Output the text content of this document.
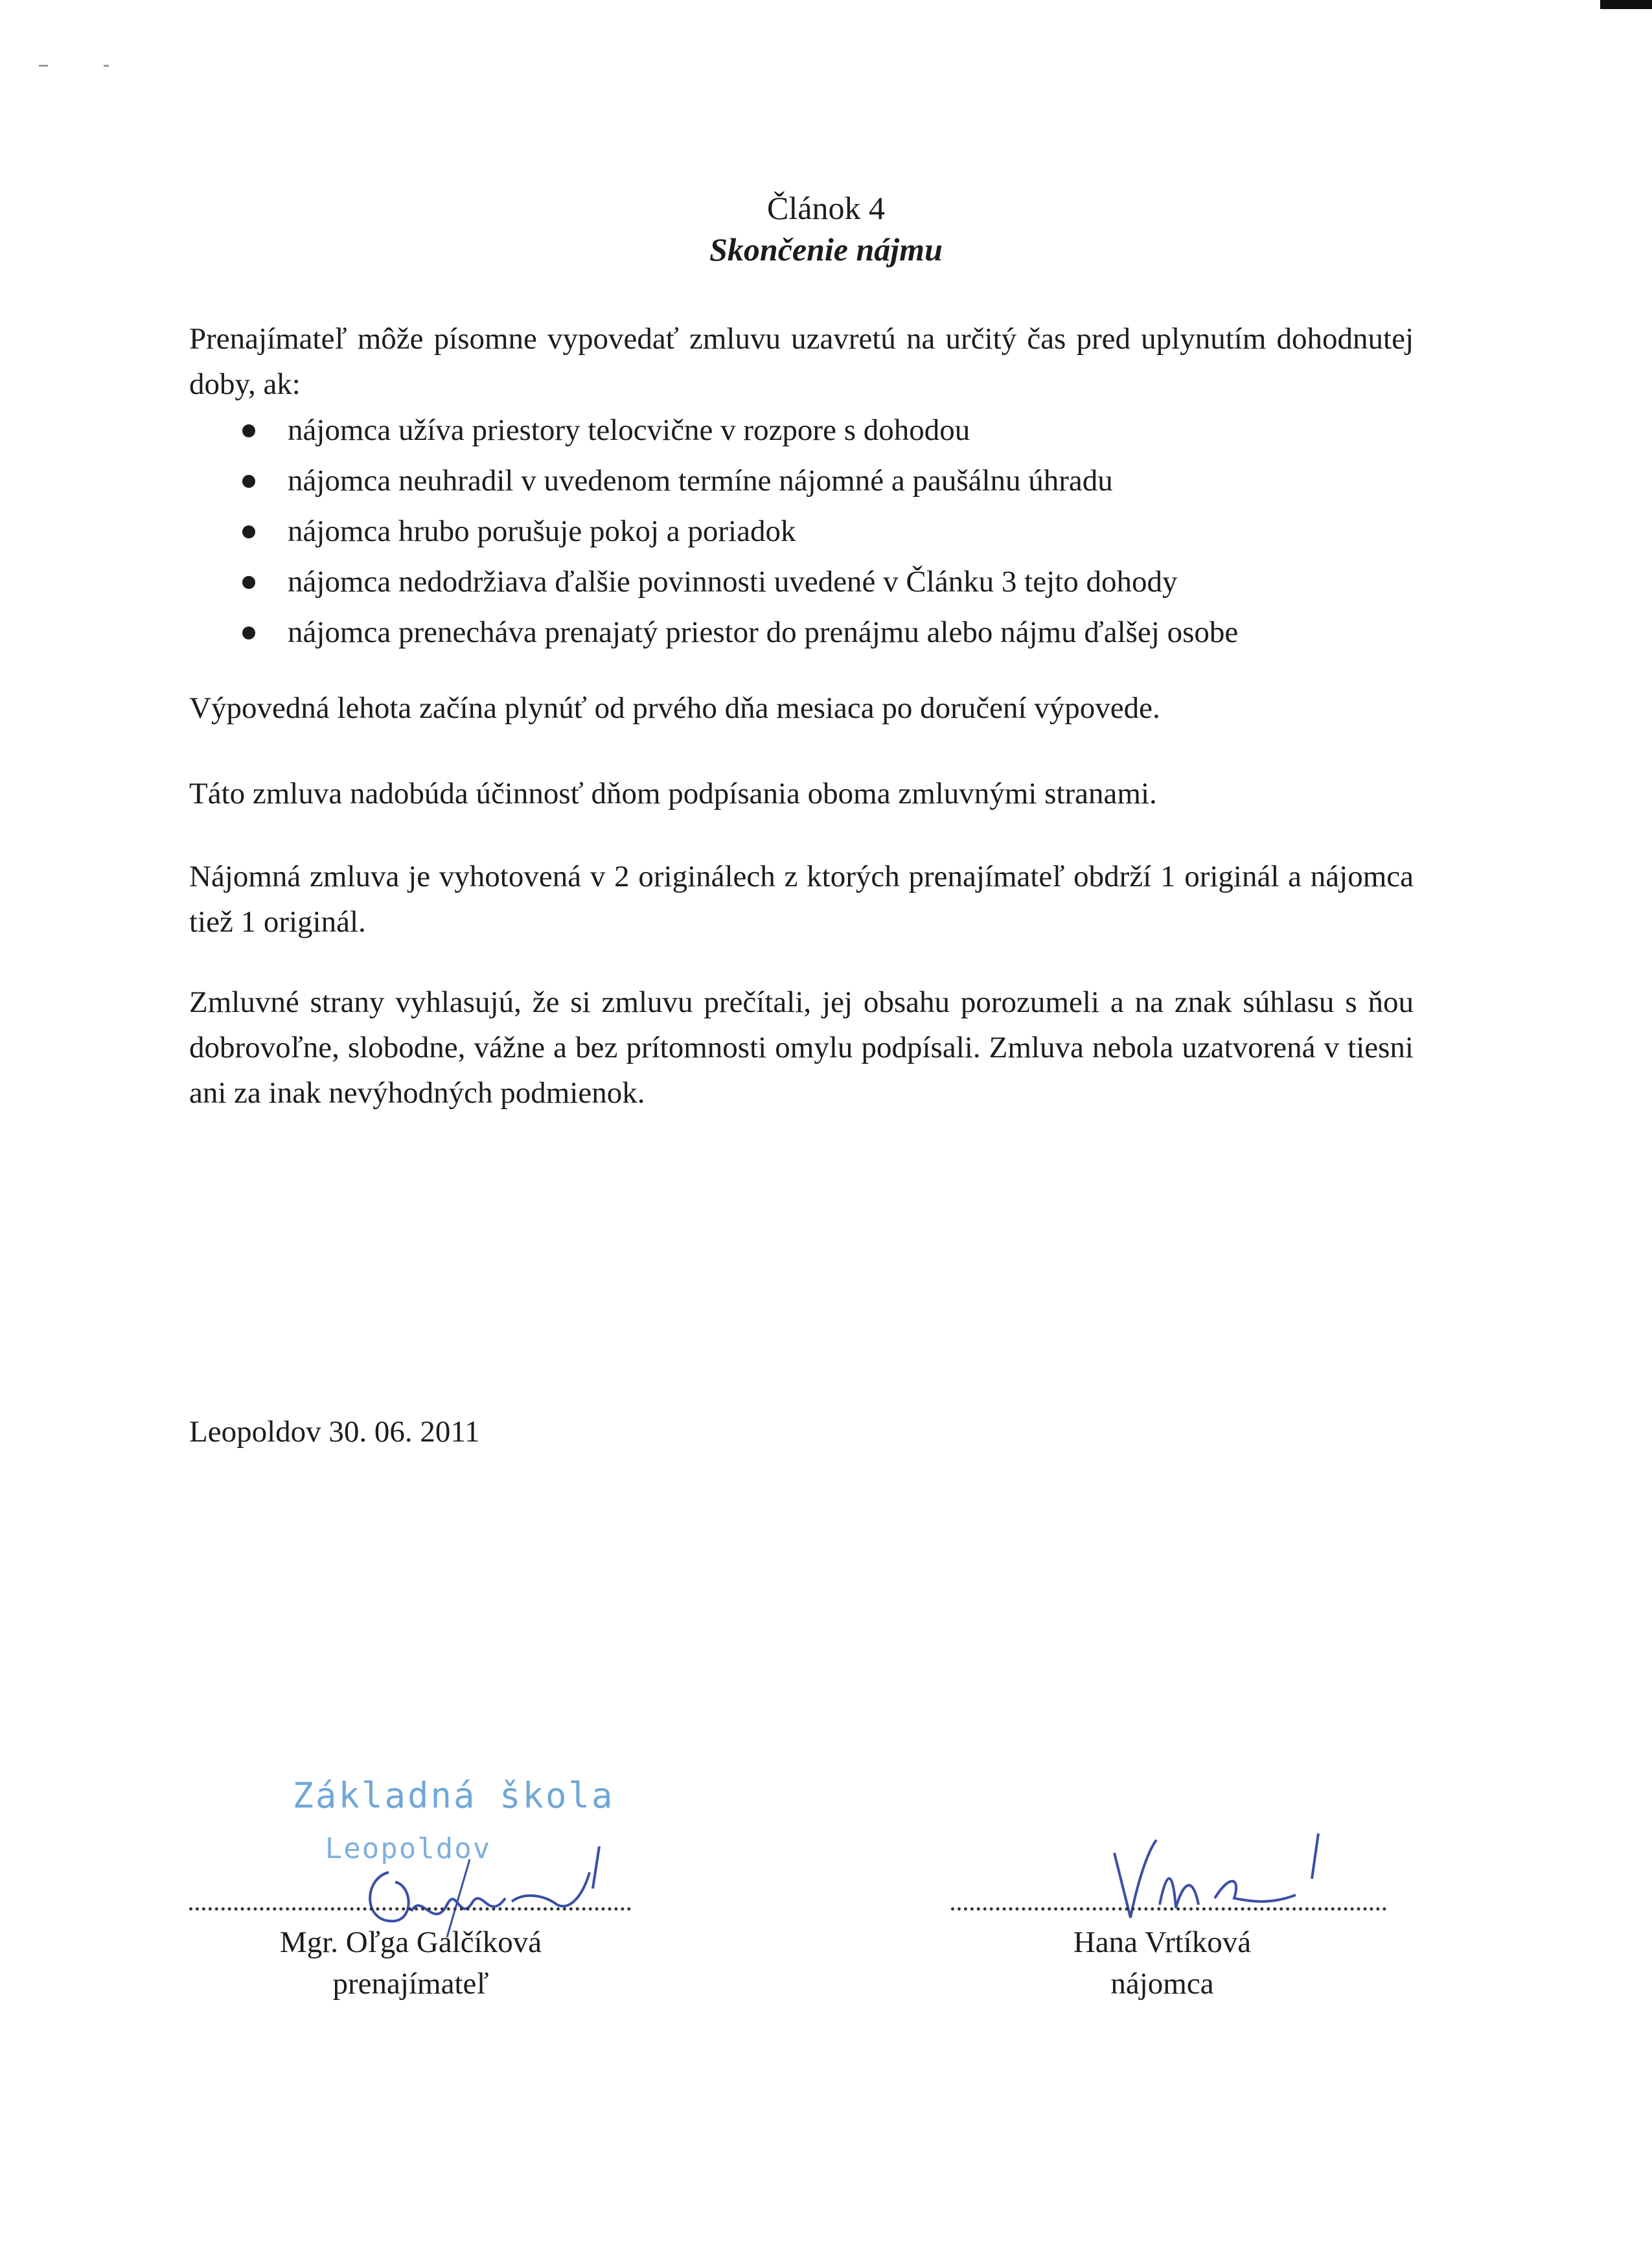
Článok 4
Skončenie nájmu
Prenajímateľ môže písomne vypovedať zmluvu uzavretú na určitý čas pred uplynutím dohodnutej doby, ak:
nájomca užíva priestory telocvične v rozpore s dohodou
nájomca neuhradil v uvedenom termíne nájomné a paušálnu úhradu
nájomca hrubo porušuje pokoj a poriadok
nájomca nedodržiava ďalšie povinnosti uvedené v Článku 3 tejto dohody
nájomca prenecháva prenajatý priestor do prenájmu alebo nájmu ďalšej osobe
Výpovedná lehota začína plynúť od prvého dňa mesiaca po doručení výpovede.
Táto zmluva nadobúda účinnosť dňom podpísania oboma zmluvnými stranami.
Nájomná zmluva je vyhotovená v 2 originálech z ktorých prenajímateľ obdrží 1 originál a nájomca tiež 1 originál.
Zmluvné strany vyhlasujú, že si zmluvu prečítali, jej obsahu porozumeli a na znak súhlasu s ňou dobrovoľne, slobodne, vážne a bez prítomnosti omylu podpísali. Zmluva nebola uzatvorená v tiesni ani za inak nevýhodných podmienok.
Leopoldov 30. 06. 2011
Základná škola
Leopoldov
Mgr. Oľga Galčíková
prenajímateľ
Hana Vrtíková
nájomca
